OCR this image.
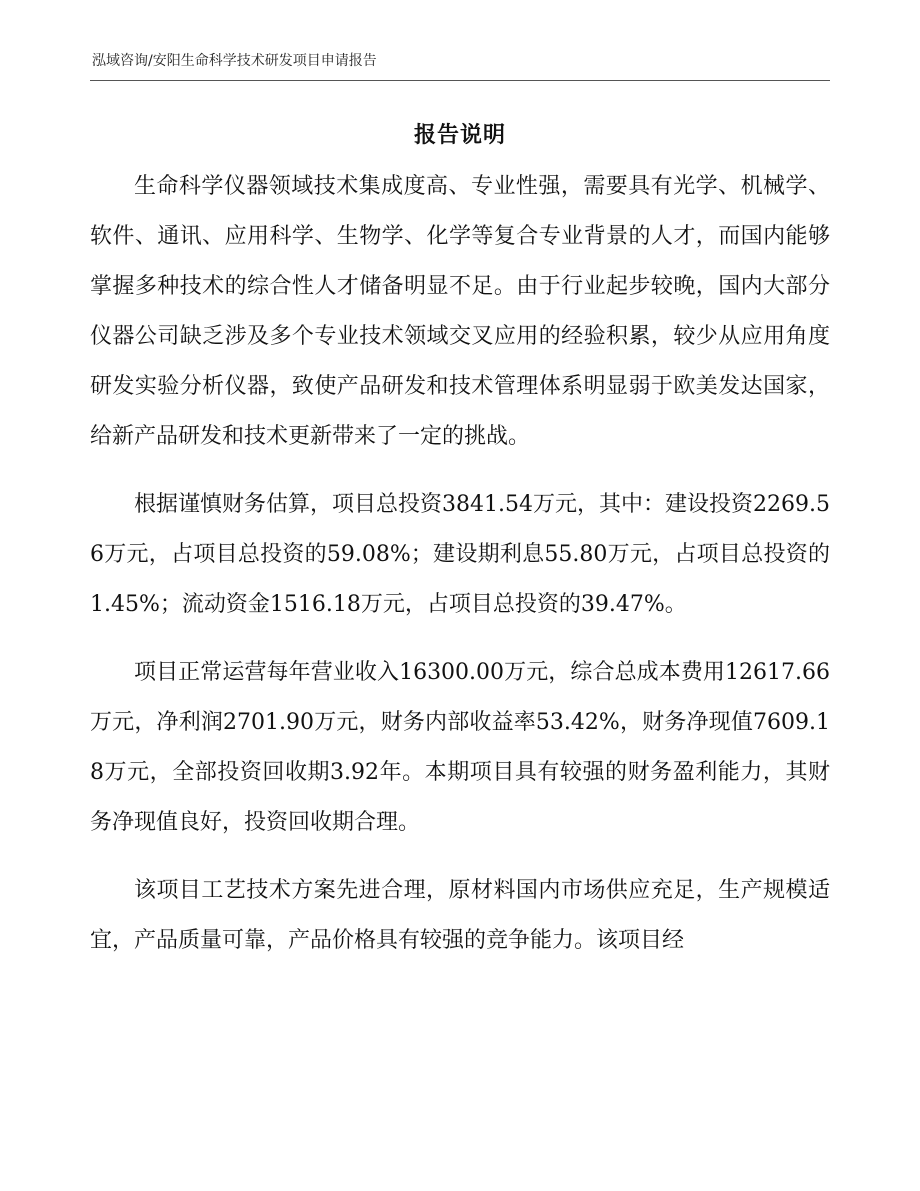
泓域咨询/安阳生命科学技术研发项目申请报告
报告说明

生命科学仪器领域技术集成度高、专业性强，需要具有光学、机械学、软件、通讯、应用科学、生物学、化学等复合专业背景的人才，而国内能够掌握多种技术的综合性人才储备明显不足。由于行业起步较晚，国内大部分仪器公司缺乏涉及多个专业技术领域交叉应用的经验积累，较少从应用角度研发实验分析仪器，致使产品研发和技术管理体系明显弱于欧美发达国家，给新产品研发和技术更新带来了一定的挑战。

根据谨慎财务估算，项目总投资3841.54万元，其中：建设投资2269.56万元，占项目总投资的59.08%；建设期利息55.80万元，占项目总投资的1.45%；流动资金1516.18万元，占项目总投资的39.47%。

项目正常运营每年营业收入16300.00万元，综合总成本费用12617.66万元，净利润2701.90万元，财务内部收益率53.42%，财务净现值7609.18万元，全部投资回收期3.92年。本期项目具有较强的财务盈利能力，其财务净现值良好，投资回收期合理。

该项目工艺技术方案先进合理，原材料国内市场供应充足，生产规模适宜，产品质量可靠，产品价格具有较强的竞争能力。该项目经
